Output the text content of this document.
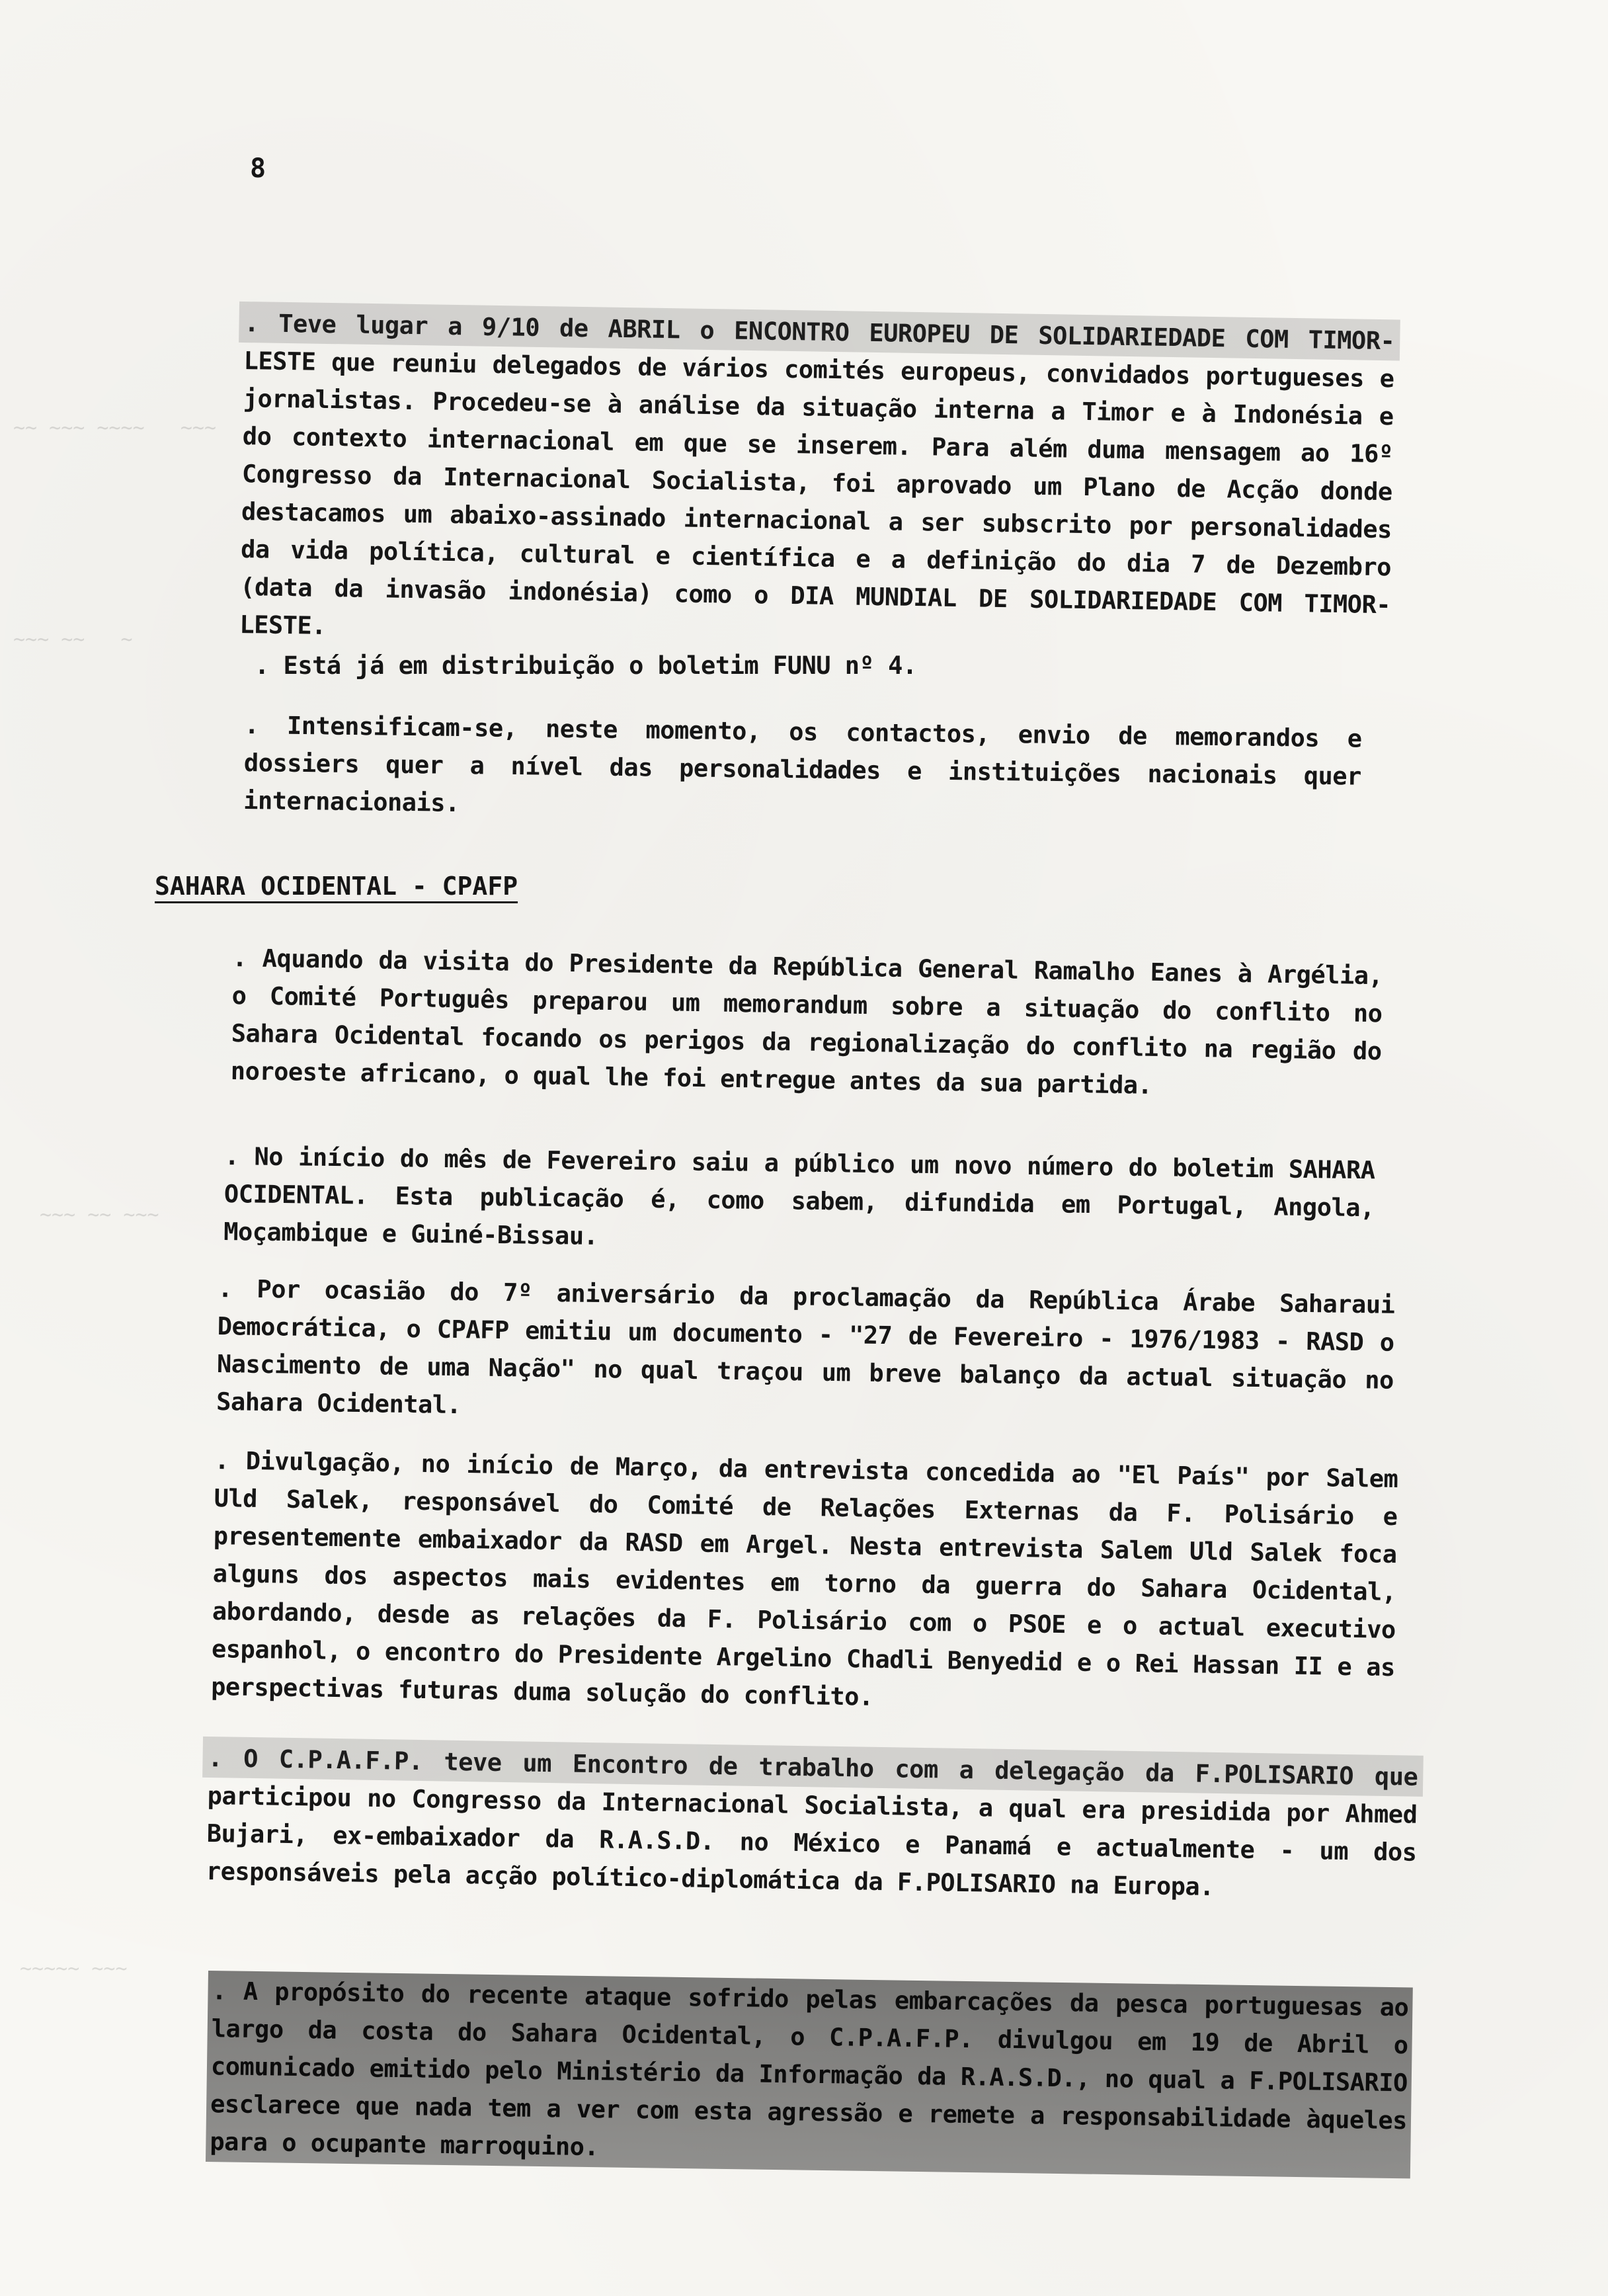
8
~~ ~~~ ~~~~   ~~~
~~~ ~~   ~
~~~ ~~ ~~~
~~~~~ ~~~
. Teve lugar a 9/10 de ABRIL o ENCONTRO EUROPEU DE SOLIDARIEDADE COM TIMOR-LESTE que reuniu delegados de vários comités europeus, convidados portugueses e jornalistas. Procedeu-se à análise da situação interna a Timor e à Indonésia e do contexto internacional em que se inserem. Para além duma mensagem ao 16º Congresso da Internacional Socialista, foi aprovado um Plano de Acção donde destacamos um abaixo-assinado internacional a ser subscrito por personalidades da vida política, cultural e científica e a definição do dia 7 de Dezembro (data da invasão indonésia) como o DIA MUNDIAL DE SOLIDARIEDADE COM TIMOR-LESTE.
. Está já em distribuição o boletim FUNU nº 4.
. Intensificam-se, neste momento, os contactos, envio de memorandos e dossiers quer a nível das personalidades e instituições nacionais quer internacionais.
SAHARA OCIDENTAL - CPAFP
. Aquando da visita do Presidente da República General Ramalho Eanes à Argélia, o Comité Português preparou um memorandum sobre a situação do conflito no Sahara Ocidental focando os perigos da regionalização do conflito na região do noroeste africano, o qual lhe foi entregue antes da sua partida.
. No início do mês de Fevereiro saiu a público um novo número do boletim SAHARA OCIDENTAL. Esta publicação é, como sabem, difundida em Portugal, Angola, Moçambique e Guiné-Bissau.
. Por ocasião do 7º aniversário da proclamação da República Árabe Saharaui Democrática, o CPAFP emitiu um documento - "27 de Fevereiro - 1976/1983 - RASD o Nascimento de uma Nação" no qual traçou um breve balanço da actual situação no Sahara Ocidental.
. Divulgação, no início de Março, da entrevista concedida ao "El País" por Salem Uld Salek, responsável do Comité de Relações Externas da F. Polisário e presentemente embaixador da RASD em Argel. Nesta entrevista Salem Uld Salek foca alguns dos aspectos mais evidentes em torno da guerra do Sahara Ocidental, abordando, desde as relações da F. Polisário com o PSOE e o actual executivo espanhol, o encontro do Presidente Argelino Chadli Benyedid e o Rei Hassan II e as perspectivas futuras duma solução do conflito.
. O C.P.A.F.P. teve um Encontro de trabalho com a delegação da F.POLISARIO que participou no Congresso da Internacional Socialista, a qual era presidida por Ahmed Bujari, ex-embaixador da R.A.S.D. no México e Panamá e actualmente - um dos responsáveis pela acção político-diplomática da F.POLISARIO na Europa.
. A propósito do recente ataque sofrido pelas embarcações da pesca portuguesas ao largo da costa do Sahara Ocidental, o C.P.A.F.P. divulgou em 19 de Abril o comunicado emitido pelo Ministério da Informação da R.A.S.D., no qual a F.POLISARIO esclarece que nada tem a ver com esta agressão e remete a responsabilidade àqueles para o ocupante marroquino.
